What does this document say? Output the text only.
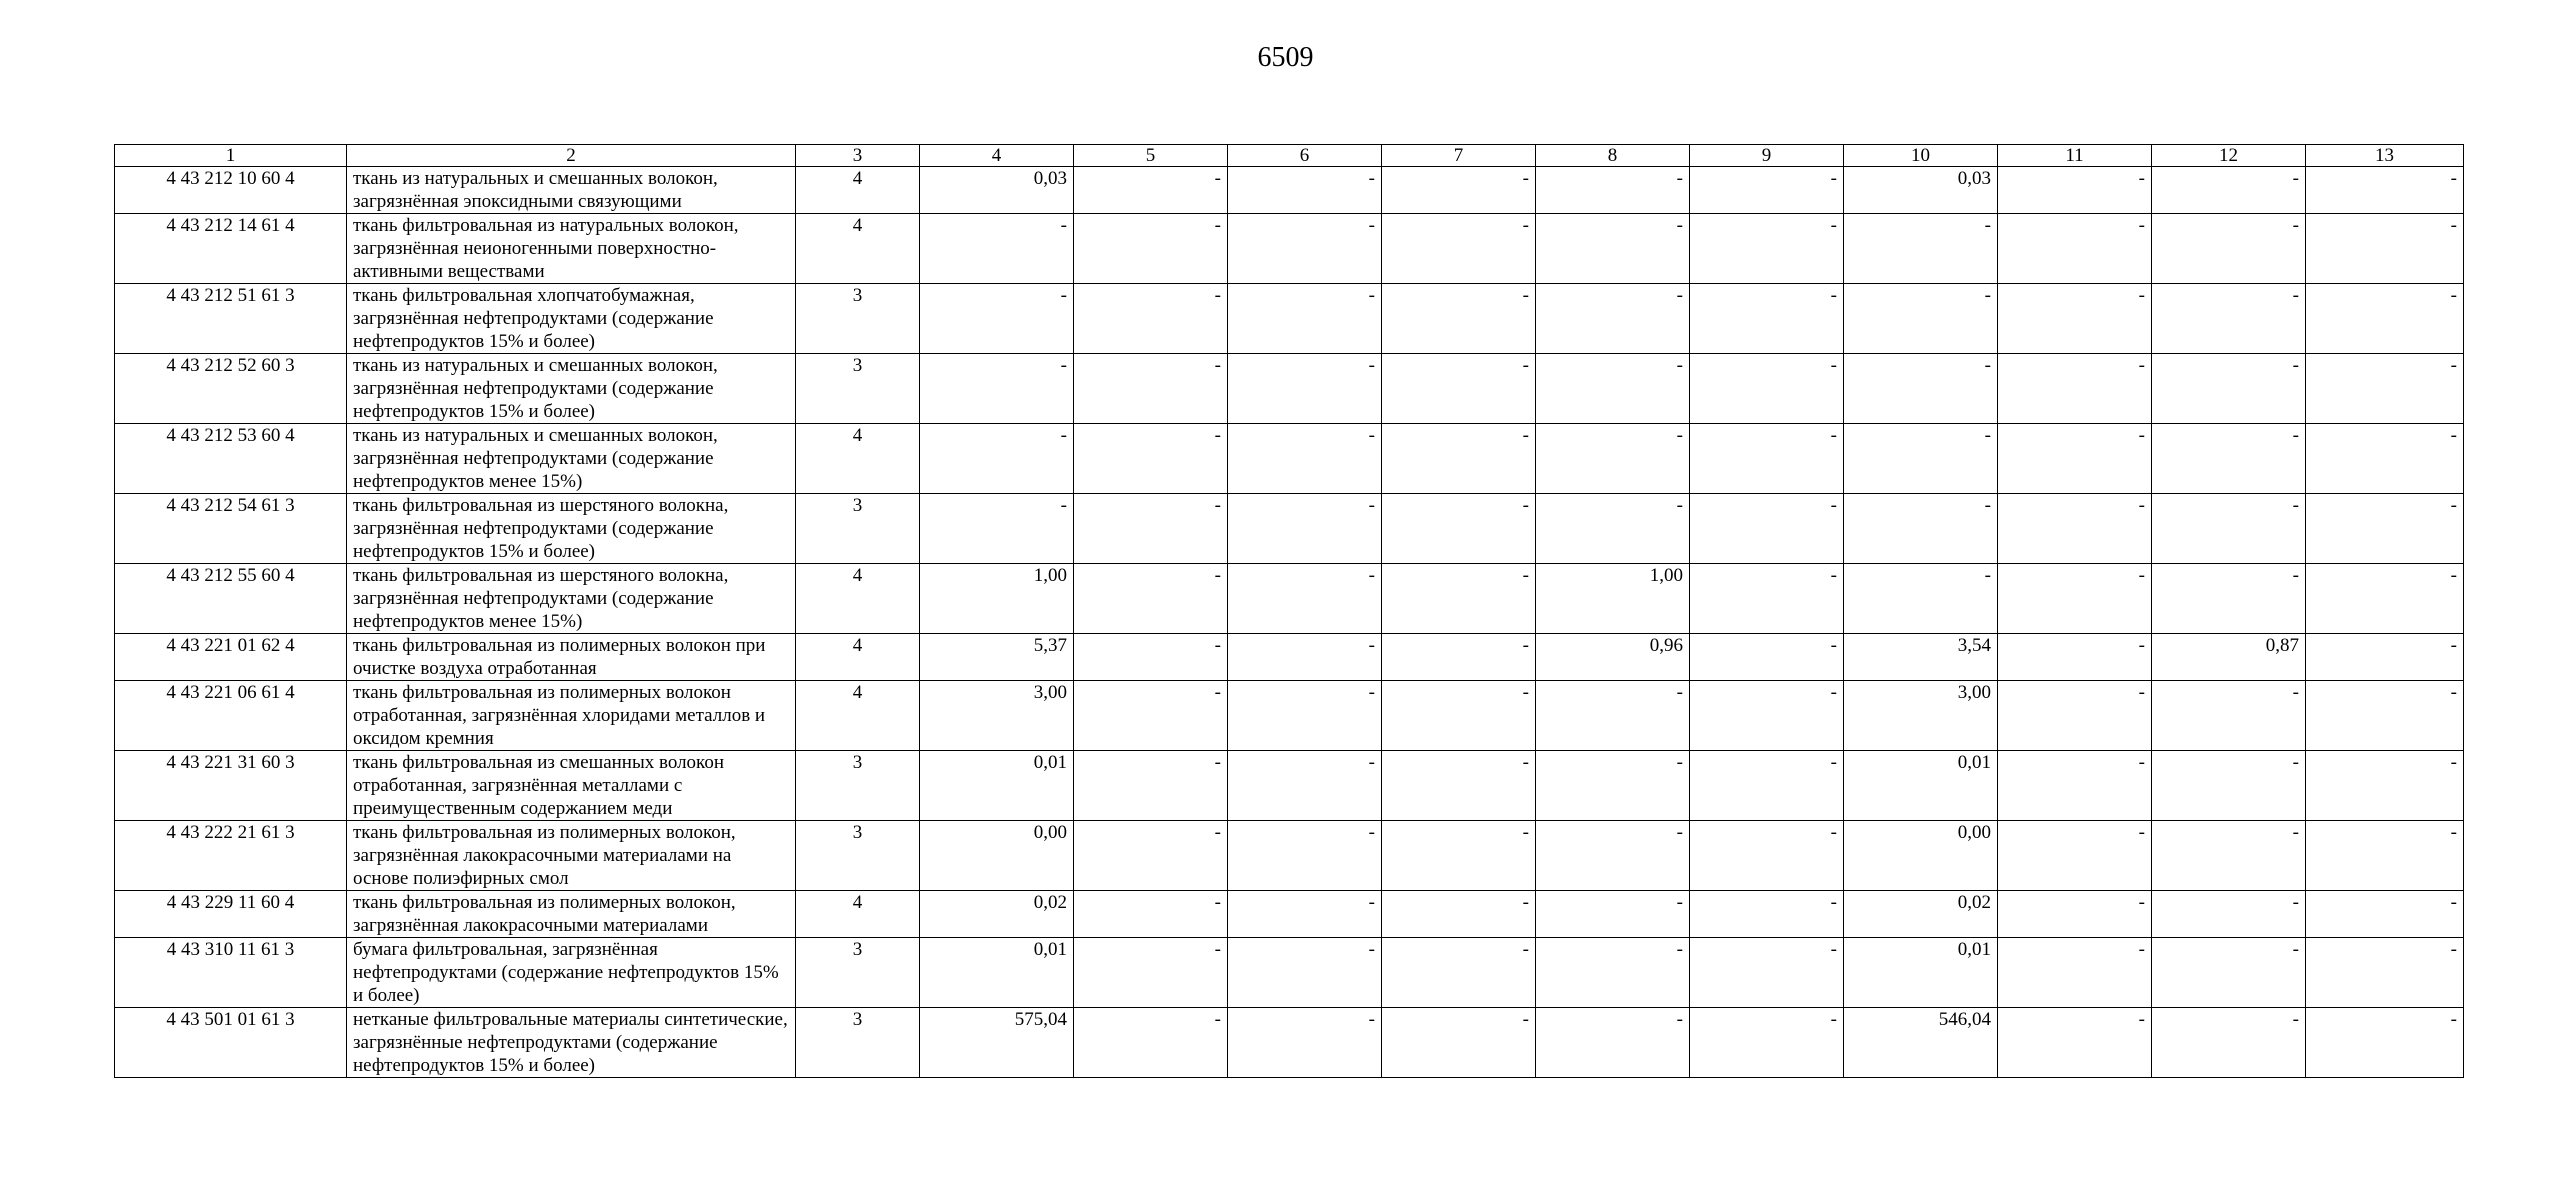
6509
1	2	3	4	5	6	7	8	9	10	11	12	13
4 43 212 10 60 4	ткань из натуральных и смешанных волокон, загрязнённая эпоксидными связующими	4	0,03	-	-	-	-	-	0,03	-	-	-
4 43 212 14 61 4	ткань фильтровальная из натуральных волокон, загрязнённая неионогенными поверхностно-активными веществами	4	-	-	-	-	-	-	-	-	-	-
4 43 212 51 61 3	ткань фильтровальная хлопчатобумажная, загрязнённая нефтепродуктами (содержание нефтепродуктов 15% и более)	3	-	-	-	-	-	-	-	-	-	-
4 43 212 52 60 3	ткань из натуральных и смешанных волокон, загрязнённая нефтепродуктами (содержание нефтепродуктов 15% и более)	3	-	-	-	-	-	-	-	-	-	-
4 43 212 53 60 4	ткань из натуральных и смешанных волокон, загрязнённая нефтепродуктами (содержание нефтепродуктов менее 15%)	4	-	-	-	-	-	-	-	-	-	-
4 43 212 54 61 3	ткань фильтровальная из шерстяного волокна, загрязнённая нефтепродуктами (содержание нефтепродуктов 15% и более)	3	-	-	-	-	-	-	-	-	-	-
4 43 212 55 60 4	ткань фильтровальная из шерстяного волокна, загрязнённая нефтепродуктами (содержание нефтепродуктов менее 15%)	4	1,00	-	-	-	1,00	-	-	-	-	-
4 43 221 01 62 4	ткань фильтровальная из полимерных волокон при очистке воздуха отработанная	4	5,37	-	-	-	0,96	-	3,54	-	0,87	-
4 43 221 06 61 4	ткань фильтровальная из полимерных волокон отработанная, загрязнённая хлоридами металлов и оксидом кремния	4	3,00	-	-	-	-	-	3,00	-	-	-
4 43 221 31 60 3	ткань фильтровальная из смешанных волокон отработанная, загрязнённая металлами с преимущественным содержанием меди	3	0,01	-	-	-	-	-	0,01	-	-	-
4 43 222 21 61 3	ткань фильтровальная из полимерных волокон, загрязнённая лакокрасочными материалами на основе полиэфирных смол	3	0,00	-	-	-	-	-	0,00	-	-	-
4 43 229 11 60 4	ткань фильтровальная из полимерных волокон, загрязнённая лакокрасочными материалами	4	0,02	-	-	-	-	-	0,02	-	-	-
4 43 310 11 61 3	бумага фильтровальная, загрязнённая нефтепродуктами (содержание нефтепродуктов 15% и более)	3	0,01	-	-	-	-	-	0,01	-	-	-
4 43 501 01 61 3	нетканые фильтровальные материалы синтетические, загрязнённые нефтепродуктами (содержание нефтепродуктов 15% и более)	3	575,04	-	-	-	-	-	546,04	-	-	-
